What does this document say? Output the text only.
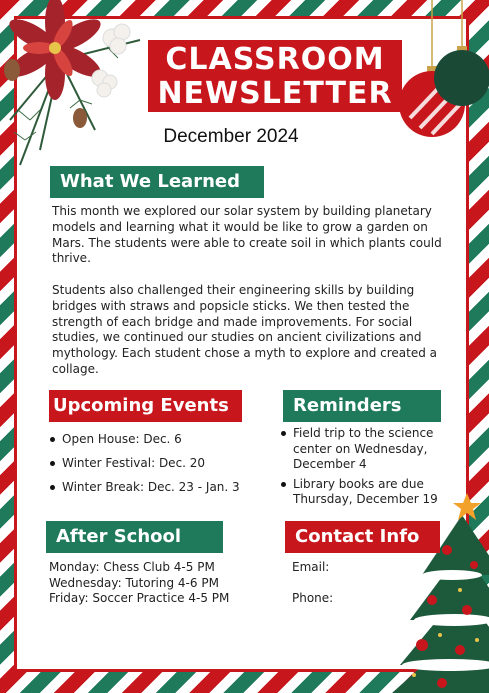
CLASSROOM
NEWSLETTER
December 2024
What We Learned

This month we explored our solar system by building planetary models and learning what it would be like to grow a garden on Mars. The students were able to create soil in which plants could thrive.

Students also challenged their engineering skills by building bridges with straws and popsicle sticks. We then tested the strength of each bridge and made improvements. For social studies, we continued our studies on ancient civilizations and mythology. Each student chose a myth to explore and created a collage.

Upcoming Events
Open House: Dec. 6
Winter Festival: Dec. 20
Winter Break: Dec. 23 - Jan. 3
Reminders
Field trip to the science center on Wednesday, December 4
Library books are due Thursday, December 19
After School
Monday: Chess Club 4-5 PM
Wednesday: Tutoring 4-6 PM
Friday: Soccer Practice 4-5 PM
Contact Info
Email:
Phone:
